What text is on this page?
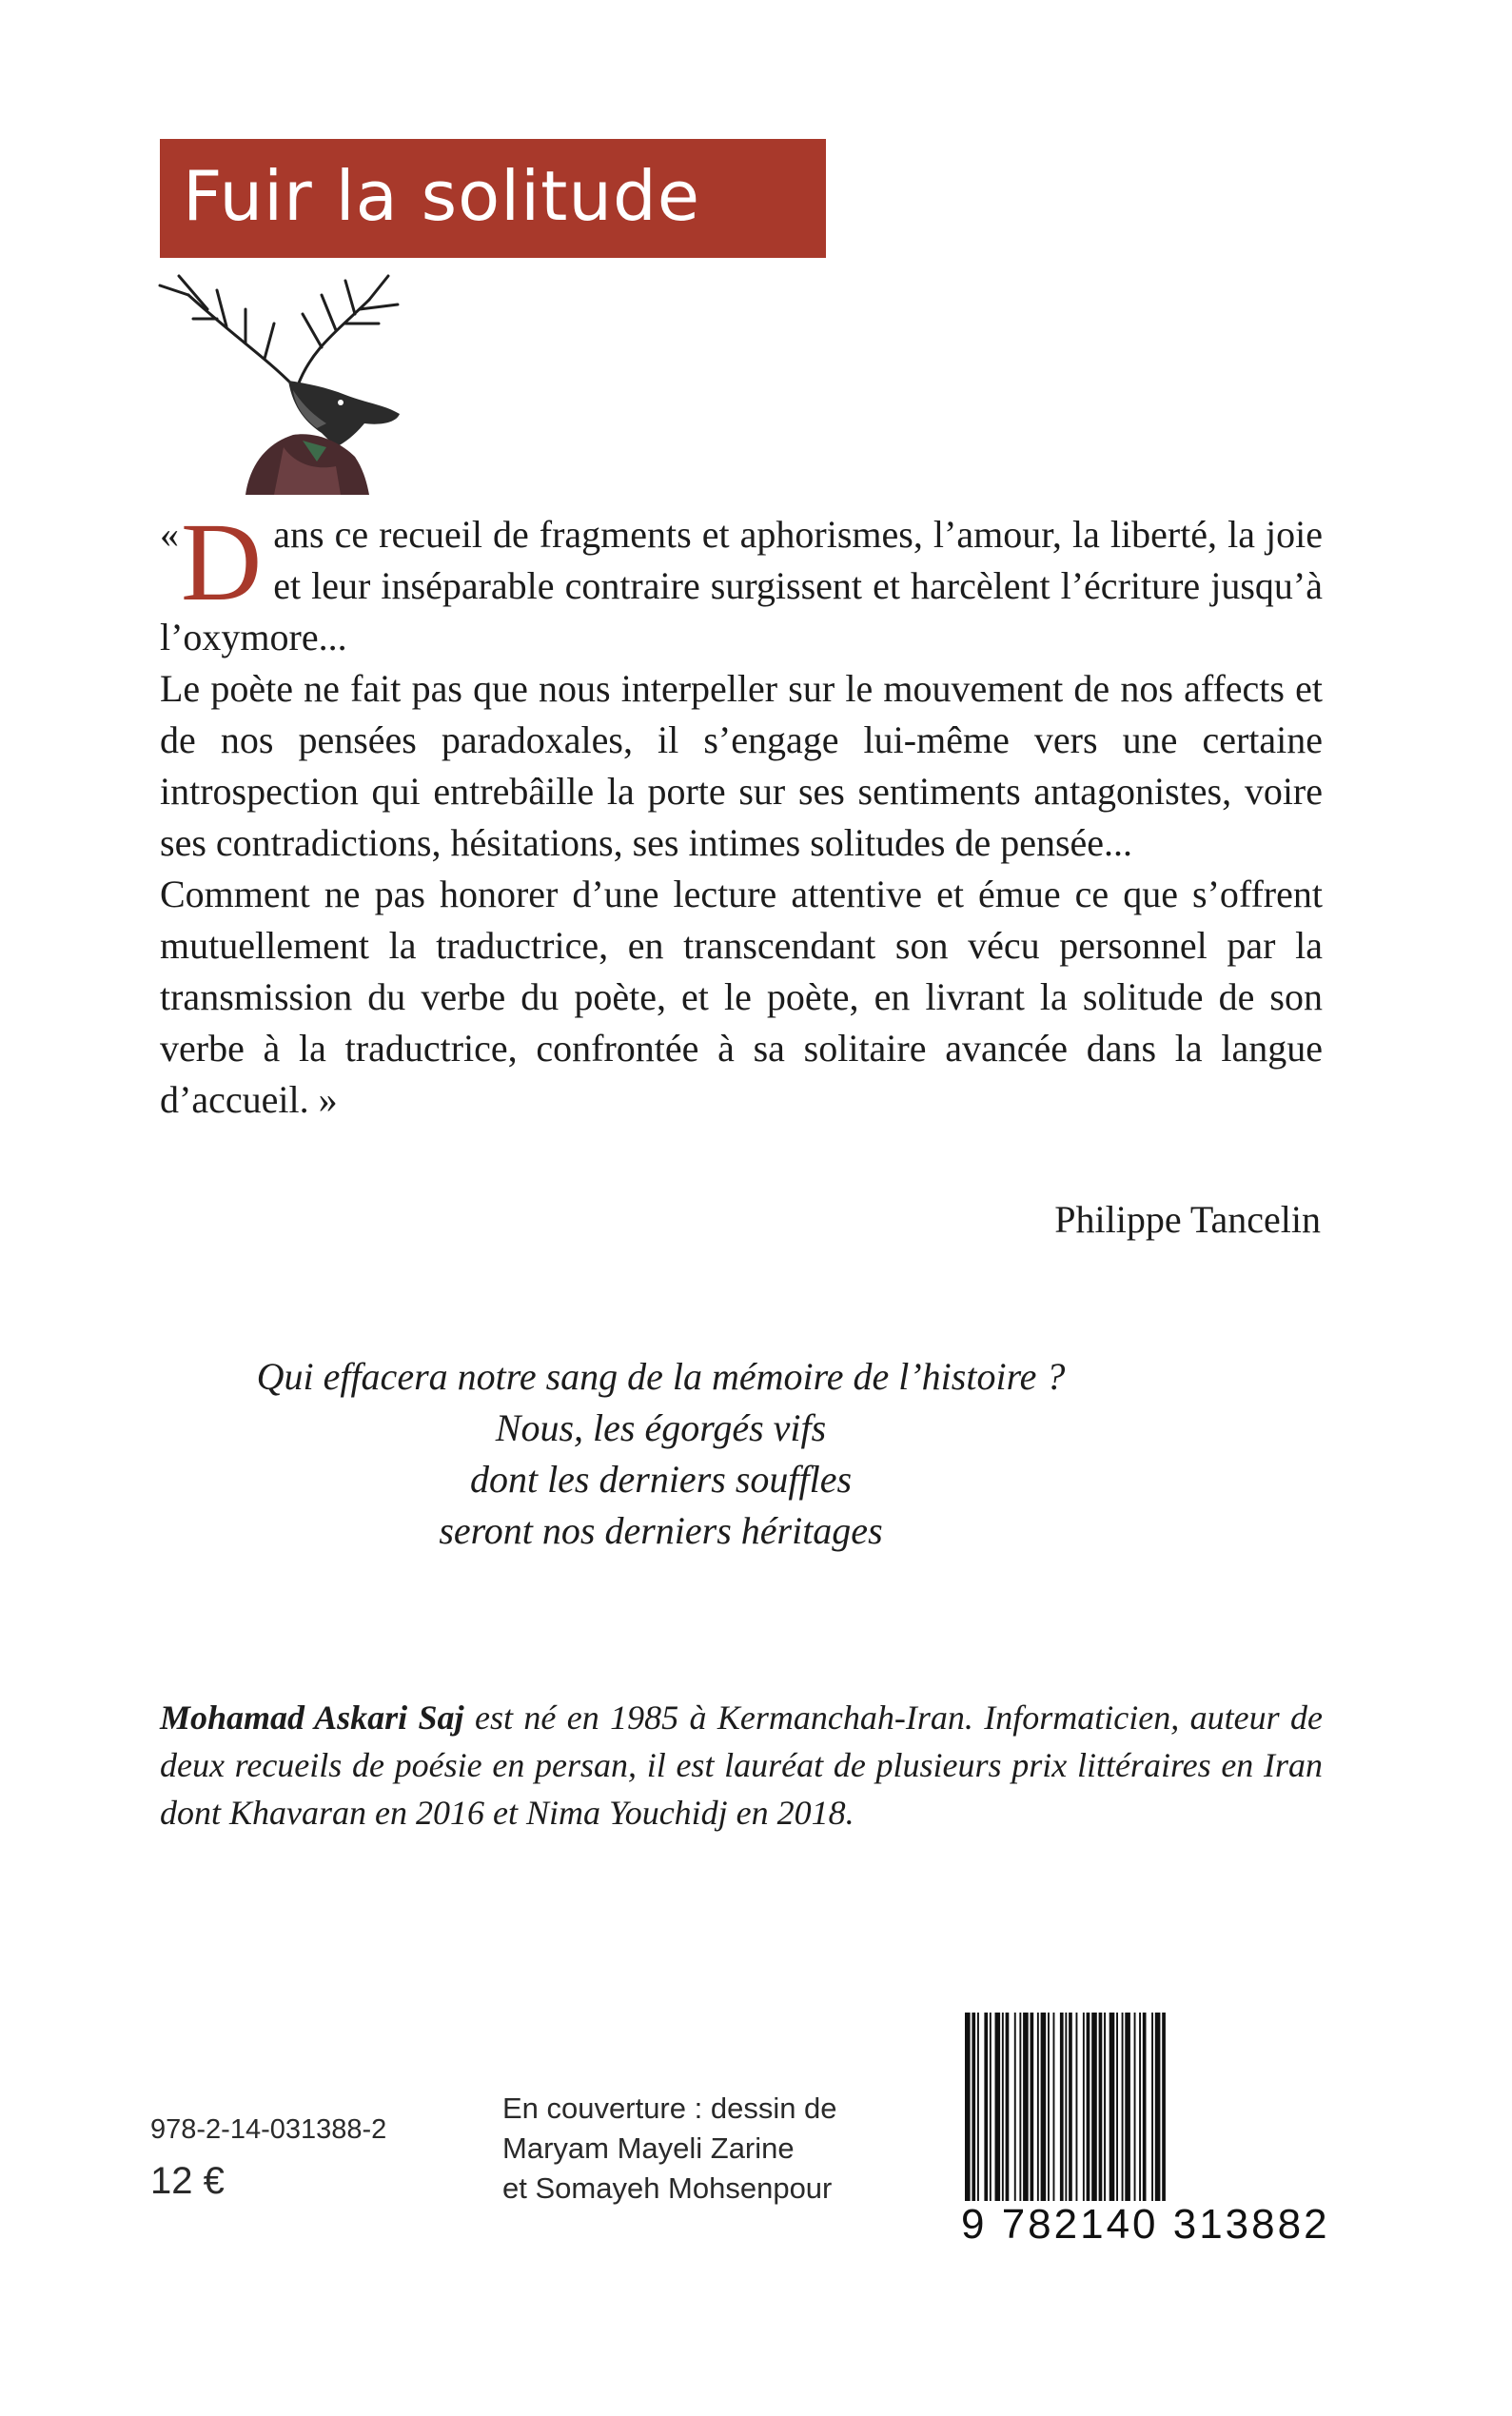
Fuir la solitude

« D ans ce recueil de fragments et aphorismes, l’amour, la liberté, la joie et leur inséparable contraire surgissent et harcèlent l’écriture jusqu’à l’oxymore...

Le poète ne fait pas que nous interpeller sur le mouvement de nos affects et de nos pensées paradoxales, il s’engage lui-même vers une certaine introspection qui entrebâille la porte sur ses sentiments antagonistes, voire ses contradictions, hésitations, ses intimes solitudes de pensée...

Comment ne pas honorer d’une lecture attentive et émue ce que s’offrent mutuellement la traductrice, en transcendant son vécu personnel par la transmission du verbe du poète, et le poète, en livrant la solitude de son verbe à la traductrice, confrontée à sa solitaire avancée dans la langue d’accueil. »

Philippe Tancelin
Qui effacera notre sang de la mémoire de l’histoire ?
Nous, les égorgés vifs
dont les derniers souffles
seront nos derniers héritages
Mohamad Askari Saj est né en 1985 à Kermanchah-Iran. Informaticien, auteur de deux recueils de poésie en persan, il est lauréat de plusieurs prix littéraires en Iran dont Khavaran en 2016 et Nima Youchidj en 2018.
978-2-14-031388-2
12 €
En couverture : dessin de
Maryam Mayeli Zarine
et Somayeh Mohsenpour
9 782140 313882
